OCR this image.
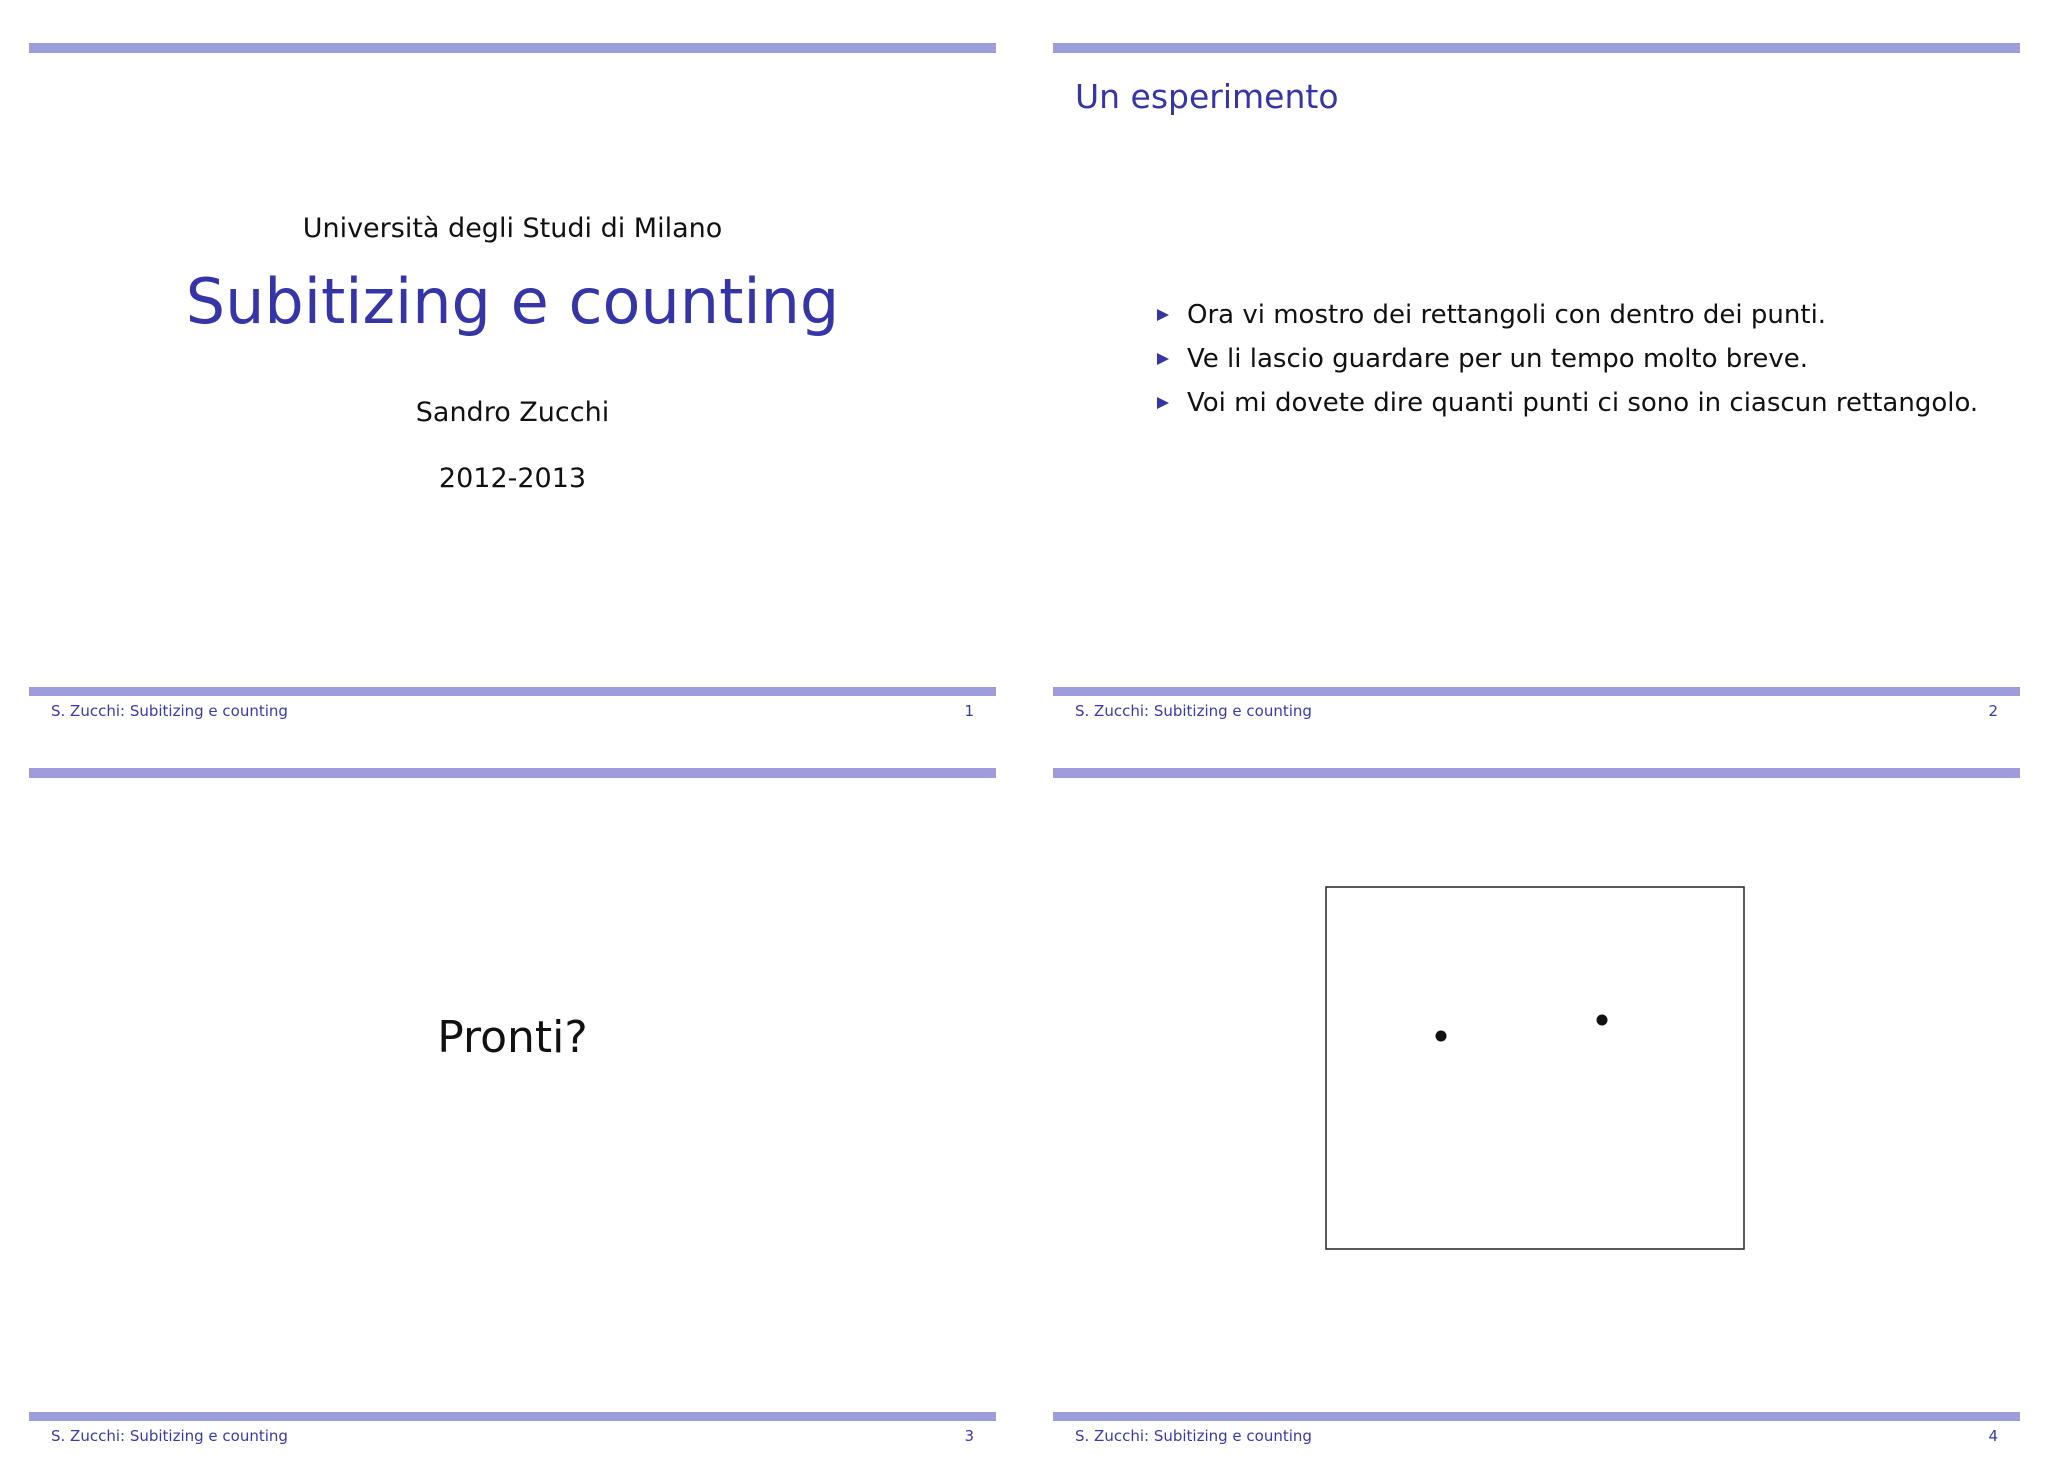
Università degli Studi di Milano
Subitizing e counting
Sandro Zucchi
2012-2013
S. Zucchi: Subitizing e counting	1
Un esperimento
Ora vi mostro dei rettangoli con dentro dei punti.
Ve li lascio guardare per un tempo molto breve.
Voi mi dovete dire quanti punti ci sono in ciascun rettangolo.
S. Zucchi: Subitizing e counting	2
Pronti?
S. Zucchi: Subitizing e counting	3	S. Zucchi: Subitizing e counting	4
